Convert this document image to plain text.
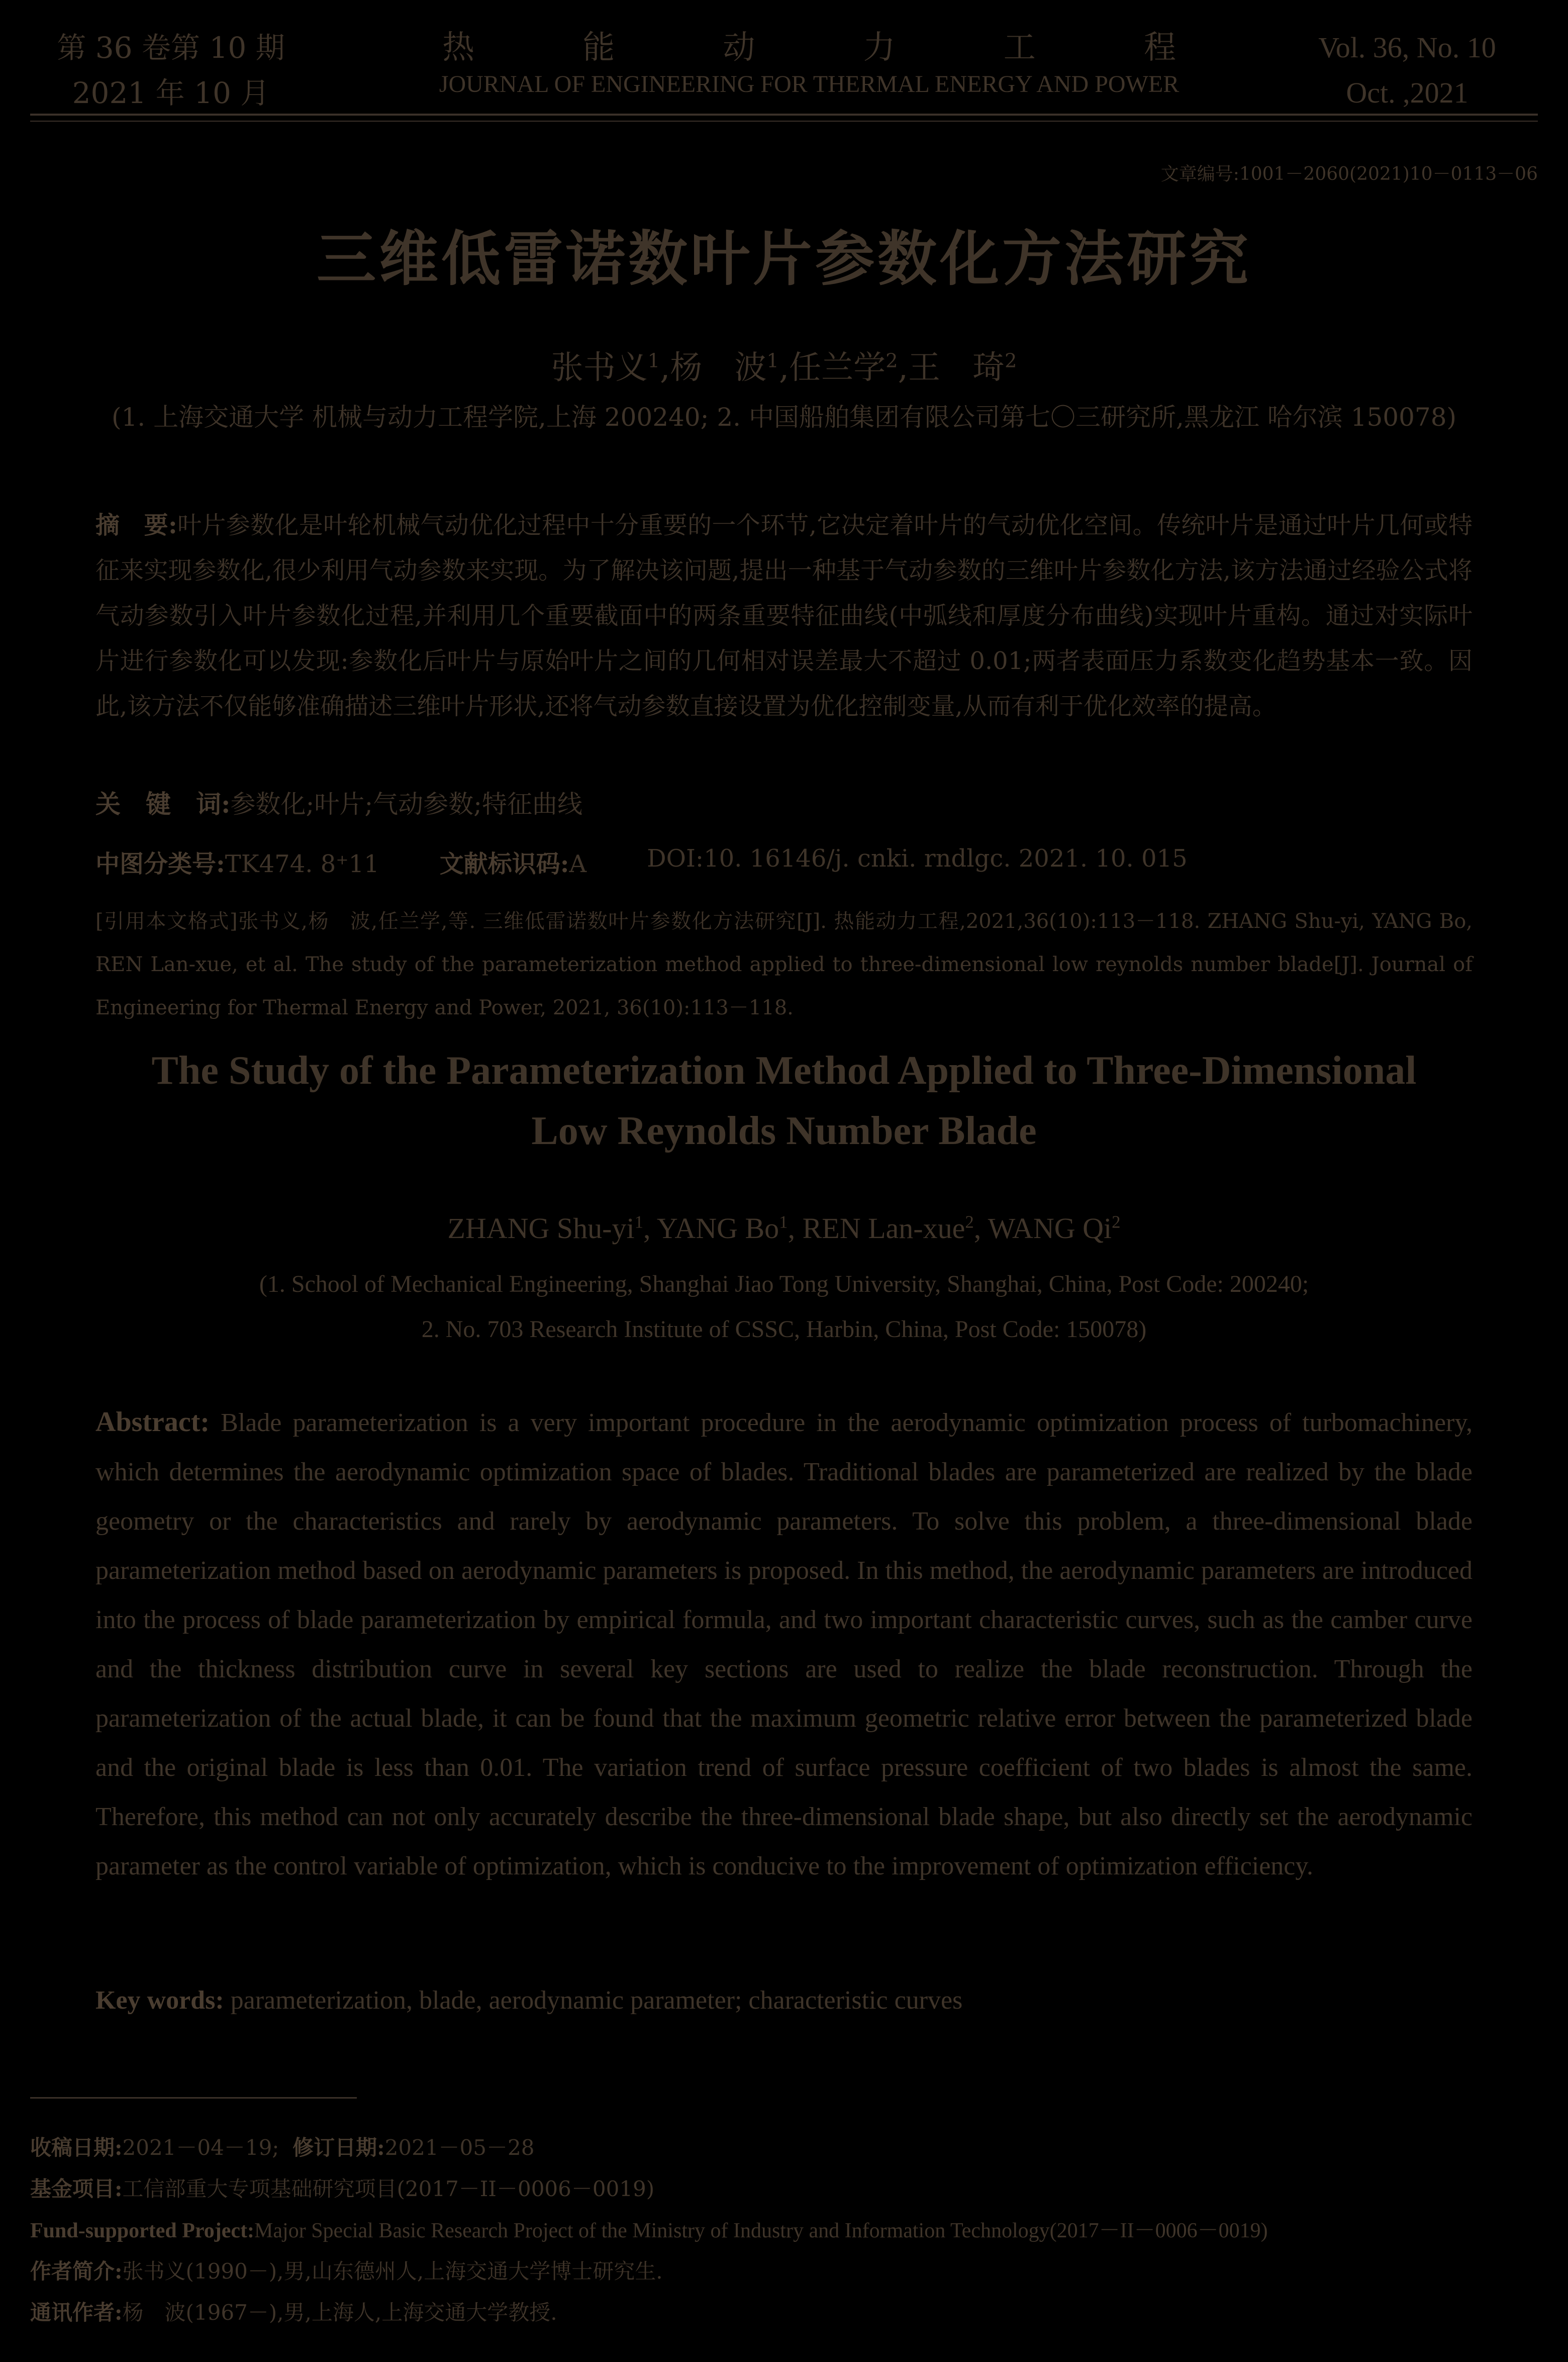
第 36 卷第 10 期
2021 年 10 月
热	能	动	力	工	程
JOURNAL OF ENGINEERING FOR THERMAL ENERGY AND POWER
Vol. 36, No. 10
Oct. ,2021
文章编号:1001－2060(2021)10－0113－06
三维低雷诺数叶片参数化方法研究
张书义$^1$,杨　波$^1$,任兰学$^2$,王　琦$^2$
(1. 上海交通大学 机械与动力工程学院,上海 200240; 2. 中国船舶集团有限公司第七〇三研究所,黑龙江 哈尔滨 150078)
摘　要:叶片参数化是叶轮机械气动优化过程中十分重要的一个环节,它决定着叶片的气动优化空间。传统叶片是通过叶片几何或特征来实现参数化,很少利用气动参数来实现。为了解决该问题,提出一种基于气动参数的三维叶片参数化方法,该方法通过经验公式将气动参数引入叶片参数化过程,并利用几个重要截面中的两条重要特征曲线(中弧线和厚度分布曲线)实现叶片重构。通过对实际叶片进行参数化可以发现:参数化后叶片与原始叶片之间的几何相对误差最大不超过 0.01;两者表面压力系数变化趋势基本一致。因此,该方法不仅能够准确描述三维叶片形状,还将气动参数直接设置为优化控制变量,从而有利于优化效率的提高。
关　键　词:参数化;叶片;气动参数;特征曲线
中图分类号:TK474. 8⁺11	文献标识码:A	DOI:10. 16146/j. cnki. rndlgc. 2021. 10. 015
[引用本文格式]张书义,杨　波,任兰学,等. 三维低雷诺数叶片参数化方法研究[J]. 热能动力工程,2021,36(10):113－118. ZHANG Shu-yi, YANG Bo, REN Lan-xue, et al. The study of the parameterization method applied to three-dimensional low reynolds number blade[J]. Journal of Engineering for Thermal Energy and Power, 2021, 36(10):113－118.
The Study of the Parameterization Method Applied to Three-Dimensional
Low Reynolds Number Blade
ZHANG Shu-$yi^1$, YANG Bo$^1$, REN Lan-xue$^2$, WANG Qi$^2$
(1. School of Mechanical Engineering, Shanghai Jiao Tong University, Shanghai, China, Post Code: 200240;
2. No. 703 Research Institute of CSSC, Harbin, China, Post Code: 150078)
Abstract: Blade parameterization is a very important procedure in the aerodynamic optimization process of turbomachinery, which determines the aerodynamic optimization space of blades. Traditional blades are parameterized are realized by the blade geometry or the characteristics and rarely by aerodynamic parameters. To solve this problem, a three-dimensional blade parameterization method based on aerodynamic parameters is proposed. In this method, the aerodynamic parameters are introduced into the process of blade parameterization by empirical formula, and two important characteristic curves, such as the camber curve and the thickness distribution curve in several key sections are used to realize the blade reconstruction. Through the parameterization of the actual blade, it can be found that the maximum geometric relative error between the parameterized blade and the original blade is less than 0.01. The variation trend of surface pressure coefficient of two blades is almost the same. Therefore, this method can not only accurately describe the three-dimensional blade shape, but also directly set the aerodynamic parameter as the control variable of optimization, which is conducive to the improvement of optimization efficiency.
Key words: parameterization, blade, aerodynamic parameter; characteristic curves
收稿日期:2021－04－19; 修订日期:2021－05－28
基金项目:工信部重大专项基础研究项目(2017－II－0006－0019)
Fund-supported Project:Major Special Basic Research Project of the Ministry of Industry and Information Technology(2017－II－0006－0019)
作者简介:张书义(1990－),男,山东德州人,上海交通大学博士研究生.
通讯作者:杨　波(1967－),男,上海人,上海交通大学教授.
